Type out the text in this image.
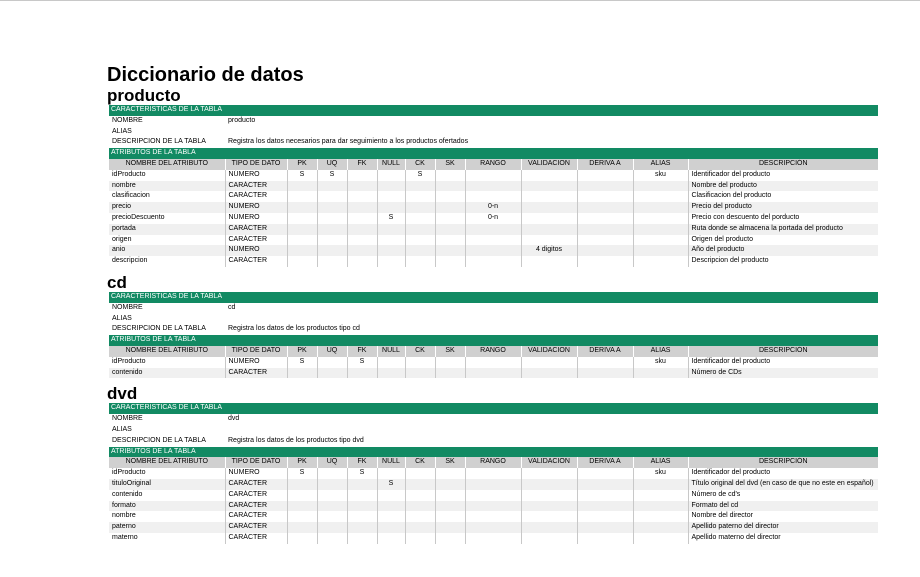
Diccionario de datos
producto
CARACTERISTICAS DE LA TABLA												
NOMBRE	producto											
ALIAS												
DESCRIPCION DE LA TABLA	Registra los datos necesarios para dar seguimiento a los productos ofertados											
ATRIBUTOS DE LA TABLA												
NOMBRE DEL ATRIBUTO	TIPO DE DATO	PK	UQ	FK	NULL	CK	SK	RANGO	VALIDACION	DERIVA A	ALIAS	DESCRIPCIÓN
idProducto	NÚMERO	S	S			S					sku	Identificador del producto
nombre	CARÁCTER											Nombre del producto
clasificacion	CARÁCTER											Clasificacion del producto
precio	NÚMERO							0-n				Precio del producto
precioDescuento	NÚMERO				S			0-n				Precio con descuento del porducto
portada	CARÁCTER											Ruta donde se almacena la portada del producto
origen	CARÁCTER											Origen del producto
anio	NÚMERO								4 digitos			Año del producto
descripcion	CARÁCTER											Descripcion del producto
cd
CARACTERISTICAS DE LA TABLA												
NOMBRE	cd											
ALIAS												
DESCRIPCION DE LA TABLA	Registra los datos de los productos tipo cd											
ATRIBUTOS DE LA TABLA												
NOMBRE DEL ATRIBUTO	TIPO DE DATO	PK	UQ	FK	NULL	CK	SK	RANGO	VALIDACION	DERIVA A	ALIAS	DESCRIPCIÓN
idProducto	NÚMERO	S		S							sku	Identificador del producto
contenido	CARÁCTER											Número de CDs
dvd
CARACTERISTICAS DE LA TABLA												
NOMBRE	dvd											
ALIAS												
DESCRIPCION DE LA TABLA	Registra los datos de los productos tipo dvd											
ATRIBUTOS DE LA TABLA												
NOMBRE DEL ATRIBUTO	TIPO DE DATO	PK	UQ	FK	NULL	CK	SK	RANGO	VALIDACION	DERIVA A	ALIAS	DESCRIPCIÓN
idProducto	NÚMERO	S		S							sku	Identificador del producto
tituloOriginal	CARÁCTER				S							Título original del dvd (en caso de que no este en español)
contenido	CARÁCTER											Número de cd's
formato	CARÁCTER											Formato del cd
nombre	CARÁCTER											Nombre del director
paterno	CARÁCTER											Apellido paterno del director
materno	CARÁCTER											Apellido materno del director
